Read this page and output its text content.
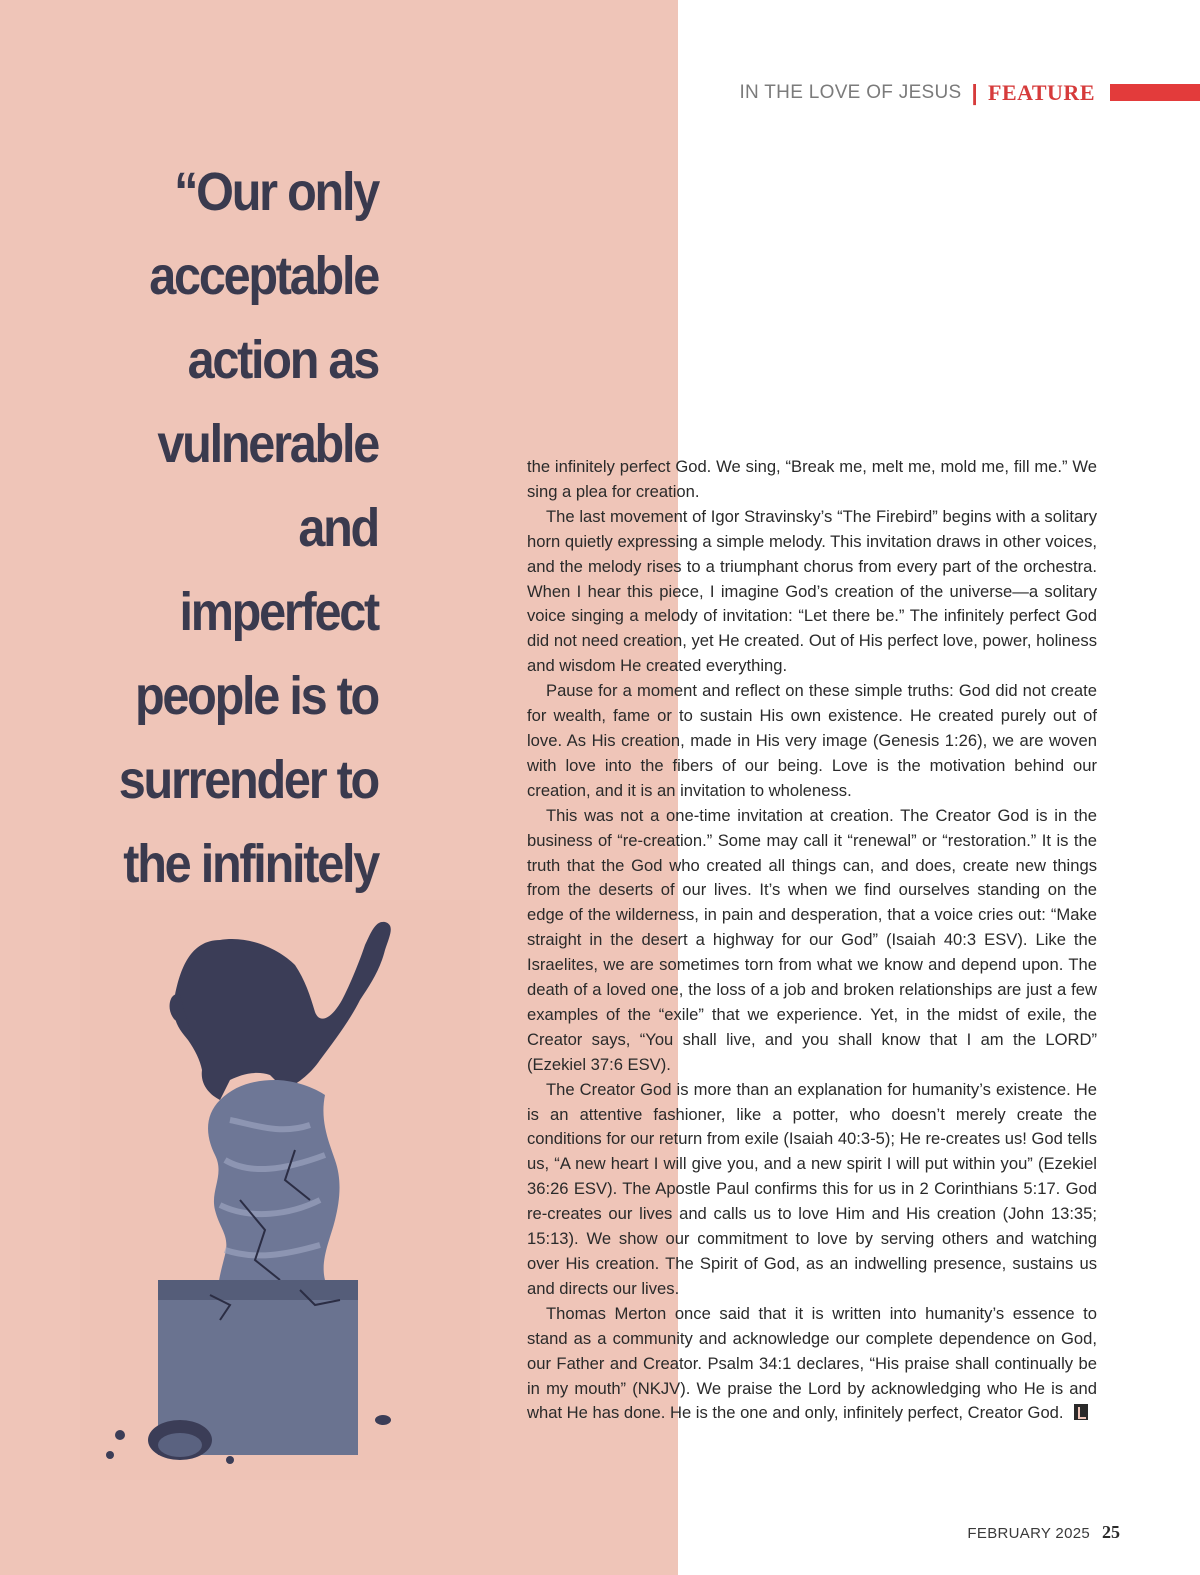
IN THE LOVE OF JESUS | FEATURE
“Our only
acceptable
action as
vulnerable and
imperfect
people is to
surrender to
the infinitely

the infinitely perfect God. We sing, “Break me, melt me, mold me, fill me.” We sing a plea for creation.

The last movement of Igor Stravinsky’s “The Firebird” begins with a solitary horn quietly expressing a simple melody. This invitation draws in other voices, and the melody rises to a triumphant chorus from every part of the orchestra. When I hear this piece, I imagine God’s creation of the universe—a solitary voice singing a melody of invitation: “Let there be.” The infinitely perfect God did not need creation, yet He created. Out of His perfect love, power, holiness and wisdom He created everything.

Pause for a moment and reflect on these simple truths: God did not create for wealth, fame or to sustain His own existence. He created purely out of love. As His creation, made in His very image (Genesis 1:26), we are woven with love into the fibers of our being. Love is the motivation behind our creation, and it is an invitation to wholeness.

This was not a one-time invitation at creation. The Creator God is in the business of “re-creation.” Some may call it “renewal” or “restoration.” It is the truth that the God who created all things can, and does, create new things from the deserts of our lives. It’s when we find ourselves standing on the edge of the wilderness, in pain and desperation, that a voice cries out: “Make straight in the desert a highway for our God” (Isaiah 40:3 ESV). Like the Israelites, we are sometimes torn from what we know and depend upon. The death of a loved one, the loss of a job and broken relationships are just a few examples of the “exile” that we experience. Yet, in the midst of exile, the Creator says, “You shall live, and you shall know that I am the LORD” (Ezekiel 37:6 ESV).

The Creator God is more than an explanation for humanity’s existence. He is an attentive fashioner, like a potter, who doesn’t merely create the conditions for our return from exile (Isaiah 40:3-5); He re-creates us! God tells us, “A new heart I will give you, and a new spirit I will put within you” (Ezekiel 36:26 ESV). The Apostle Paul confirms this for us in 2 Corinthians 5:17. God re-creates our lives and calls us to love Him and His creation (John 13:35; 15:13). We show our commitment to love by serving others and watching over His creation. The Spirit of God, as an indwelling presence, sustains us and directs our lives.

Thomas Merton once said that it is written into humanity’s essence to stand as a community and acknowledge our complete dependence on God, our Father and Creator. Psalm 34:1 declares, “His praise shall continually be in my mouth” (NKJV). We praise the Lord by acknowledging who He is and what He has done. He is the one and only, infinitely perfect, Creator God.

FEBRUARY 2025 25
